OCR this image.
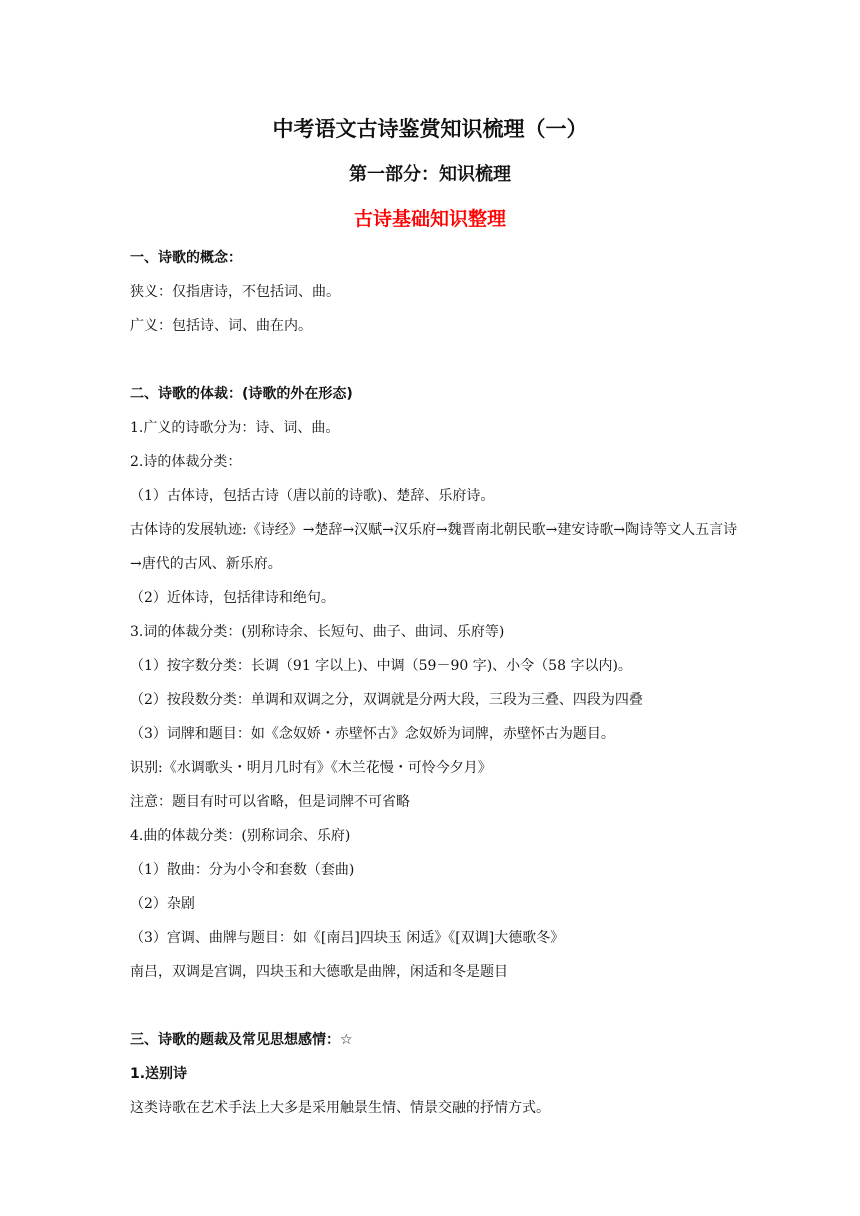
中考语文古诗鉴赏知识梳理（一）
第一部分：知识梳理
古诗基础知识整理

一、诗歌的概念：

狭义：仅指唐诗，不包括词、曲。

广义：包括诗、词、曲在内。

二、诗歌的体裁：(诗歌的外在形态)

1.广义的诗歌分为：诗、词、曲。

2.诗的体裁分类：

（1）古体诗，包括古诗（唐以前的诗歌)、楚辞、乐府诗。

古体诗的发展轨迹:《诗经》→楚辞→汉赋→汉乐府→魏晋南北朝民歌→建安诗歌→陶诗等文人五言诗→唐代的古风、新乐府。

（2）近体诗，包括律诗和绝句。

3.词的体裁分类：(别称诗余、长短句、曲子、曲词、乐府等)

（1）按字数分类：长调（91 字以上)、中调（59－90 字)、小令（58 字以内)。

（2）按段数分类：单调和双调之分，双调就是分两大段，三段为三叠、四段为四叠

（3）词牌和题目：如《念奴娇・赤壁怀古》念奴娇为词牌，赤壁怀古为题目。

识别:《水调歌头・明月几时有》《木兰花慢・可怜今夕月》

注意：题目有时可以省略，但是词牌不可省略

4.曲的体裁分类：(别称词余、乐府)

（1）散曲：分为小令和套数（套曲)

（2）杂剧

（3）宫调、曲牌与题目：如《[南吕]四块玉 闲适》《[双调]大德歌冬》

南吕，双调是宫调，四块玉和大德歌是曲牌，闲适和冬是题目

三、诗歌的题裁及常见思想感情：☆

1.送别诗

这类诗歌在艺术手法上大多是采用触景生情、情景交融的抒情方式。
